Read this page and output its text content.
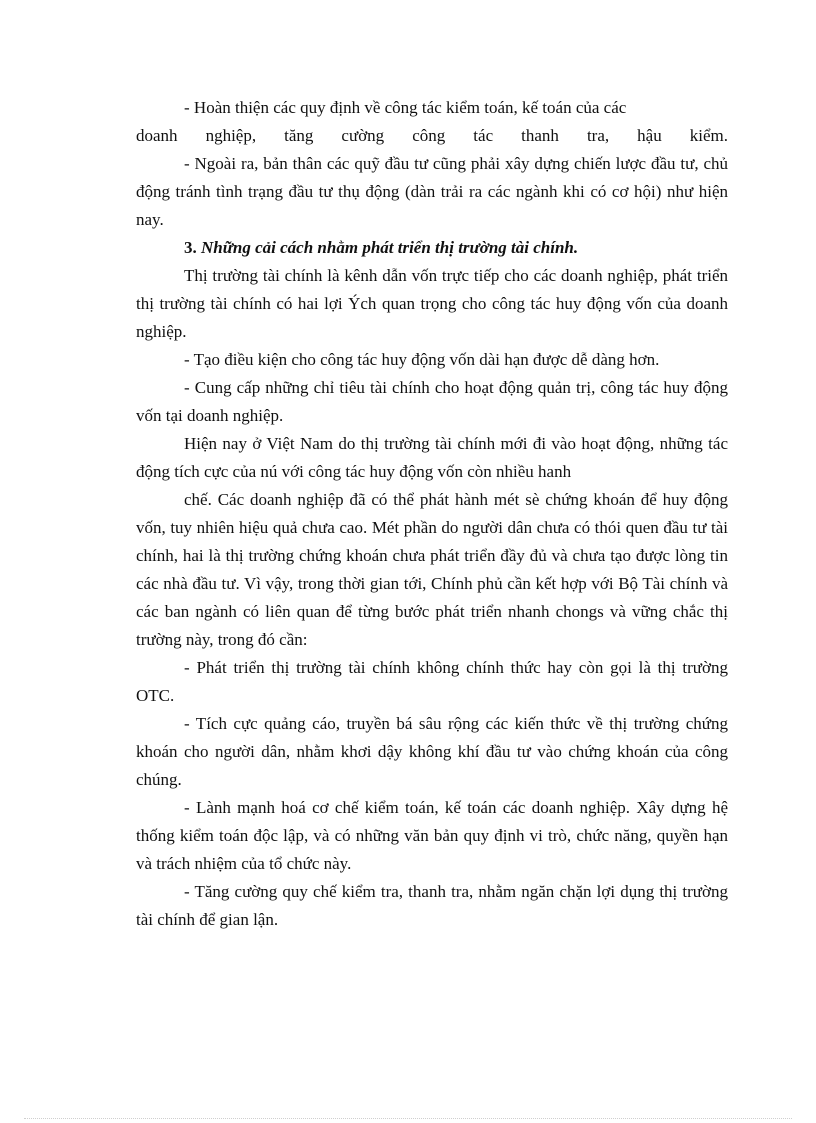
- Hoàn thiện các quy định về công tác kiểm toán, kế toán của các

doanh nghiệp, tăng cường công tác thanh tra, hậu kiểm.

- Ngoài ra, bản thân các quỹ đầu tư cũng phải xây dựng chiến lược đầu tư, chủ động tránh tình trạng đầu tư thụ động (dàn trải ra các ngành khi có cơ hội) như hiện nay.

3. Những cải cách nhằm phát triển thị trường tài chính.

Thị trường tài chính là kênh dẫn vốn trực tiếp cho các doanh nghiệp, phát triển thị trường tài chính có hai lợi Ých quan trọng cho công tác huy động vốn của doanh nghiệp.

- Tạo điều kiện cho công tác huy động vốn dài hạn được dễ dàng hơn.

- Cung cấp những chỉ tiêu tài chính cho hoạt động quản trị, công tác huy động vốn tại doanh nghiệp.

Hiện nay ở Việt Nam do thị trường tài chính mới đi vào hoạt động, những tác động tích cực của nú với công tác huy động vốn còn nhiều hanh

chế. Các doanh nghiệp đã có thể phát hành mét sè chứng khoán để huy động vốn, tuy nhiên hiệu quả chưa cao. Mét phần do người dân chưa có thói quen đầu tư tài chính, hai là thị trường chứng khoán chưa phát triển đầy đủ và chưa tạo được lòng tin các nhà đầu tư. Vì vậy, trong thời gian tới, Chính phủ cần kết hợp với Bộ Tài chính và các ban ngành có liên quan để từng bước phát triển nhanh chongs và vững chắc thị trường này, trong đó cần:

- Phát triển thị trường tài chính không chính thức hay còn gọi là thị trường OTC.

- Tích cực quảng cáo, truyền bá sâu rộng các kiến thức về thị trường chứng khoán cho người dân, nhằm khơi dậy không khí đầu tư vào chứng khoán của công chúng.

- Lành mạnh hoá cơ chế kiểm toán, kế toán các doanh nghiệp. Xây dựng hệ thống kiểm toán độc lập, và có những văn bản quy định vi trò, chức năng, quyền hạn và trách nhiệm của tổ chức này.

- Tăng cường quy chế kiểm tra, thanh tra, nhằm ngăn chặn lợi dụng thị trường tài chính để gian lận.
